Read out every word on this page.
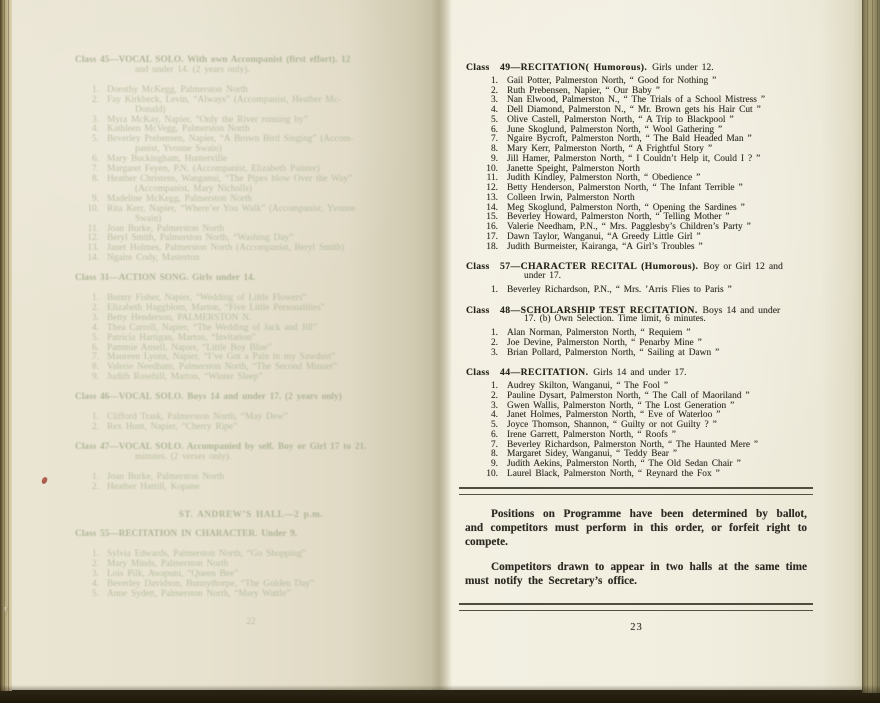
Class 45—VOCAL SOLO. With own Accompanist (first effort). 12
and under 14. (2 years only).
1. Dorothy McKegg, Palmerston North
2. Fay Kirkbeck, Levin, “Always” (Accompanist, Heather Mc-
Donald)
3. Myra McKay, Napier, “Only the River running by”
4. Kathleen McVegg, Palmerston North
5. Beverley Prebensen, Napier, “A Brown Bird Singing” (Accom-
panist, Yvonne Swain)
6. Mary Buckingham, Hunterville
7. Margaret Feyen, P.N. (Accompanist, Elizabeth Painter)
8. Heather Christens, Wanganui, “The Pipes blow Over the Way”
(Accompanist, Mary Nicholls)
9. Madeline McKegg, Palmerston North
10. Rita Kerr, Napier, “Where’er You Walk” (Accompanist, Yvonne
Swain)
11. Joan Burke, Palmerston North
12. Beryl Smith, Palmerston North, “Washing Day”
13. Janet Holmes, Palmerston North (Accompanist, Beryl Smith)
14. Ngaire Cody, Masterton
Class 31—ACTION SONG. Girls under 14.
1. Bunny Fisher, Napier, “Wedding of Little Flowers”
2. Elizabeth Haggblom, Marton, “Five Little Personalities”
3. Betty Henderson, PALMERSTON N.
4. Thea Carroll, Napier, “The Wedding of Jack and Jill”
5. Patricia Hartigan, Marton, “Invitation”
6. Pammie Ansell, Napier, “Little Boy Blue”
7. Maureen Lyons, Napier, “I’ve Got a Pain in my Sawdust”
8. Valerie Needham, Palmerston North, “The Second Minuet”
9. Judith Rosehill, Marton, “Winter Sleep”
Class 46—VOCAL SOLO. Boys 14 and under 17. (2 years only)
1. Clifford Trask, Palmerston North, “May Dew”
2. Rex Hunt, Napier, “Cherry Ripe”
Class 47—VOCAL SOLO. Accompanied by self. Boy or Girl 17 to 21.
minutes. (2 verses only).
1. Joan Burke, Palmerston North
2. Heather Hartill, Kopane
ST. ANDREW’S HALL—2 p.m.
Class 55—RECITATION IN CHARACTER. Under 9.
1. Sylvia Edwards, Palmerston North, “Go Shopping”
2. Mary Minds, Palmerston North
3. Lois Pilk, Awapuni, “Queen Bee”
4. Beverley Davidson, Bunnythorpe, “The Golden Day”
5. Anne Sydett, Palmerston North, “Mary Wattle”
22
Class 49—RECITATION( Humorous). Girls under 12.
1. Gail Potter, Palmerston North, “ Good for Nothing ”
2. Ruth Prebensen, Napier, “ Our Baby ”
3. Nan Elwood, Palmerston N., “ The Trials of a School Mistress ”
4. Dell Diamond, Palmerston N., “ Mr. Brown gets his Hair Cut ”
5. Olive Castell, Palmerston North, “ A Trip to Blackpool ”
6. June Skoglund, Palmerston North, “ Wool Gathering ”
7. Ngaire Bycroft, Palmerston North, “ The Bald Headed Man ”
8. Mary Kerr, Palmerston North, “ A Frightful Story ”
9. Jill Hamer, Palmerston North, “ I Couldn’t Help it, Could I ? ”
10. Janette Speight, Palmerston North
11. Judith Kindley, Palmerston North, “ Obedience ”
12. Betty Henderson, Palmerston North, “ The Infant Terrible ”
13. Colleen Irwin, Palmerston North
14. Meg Skoglund, Palmerston North, “ Opening the Sardines ”
15. Beverley Howard, Palmerston North, “ Telling Mother ”
16. Valerie Needham, P.N., “ Mrs. Pagglesby’s Children’s Party ”
17. Dawn Taylor, Wanganui, “A Greedy Little Girl ”
18. Judith Burmeister, Kairanga, “A Girl’s Troubles ”
Class 57—CHARACTER RECITAL (Humorous). Boy or Girl 12 and
under 17.
1. Beverley Richardson, P.N., “ Mrs. ’Arris Flies to Paris ”
Class 48—SCHOLARSHIP TEST RECITATION. Boys 14 and under
17. (b) Own Selection. Time limit, 6 minutes.
1. Alan Norman, Palmerston North, “ Requiem ”
2. Joe Devine, Palmerston North, “ Penarby Mine ”
3. Brian Pollard, Palmerston North, “ Sailing at Dawn ”
Class 44—RECITATION. Girls 14 and under 17.
1. Audrey Skilton, Wanganui, “ The Fool ”
2. Pauline Dysart, Palmerston North, “ The Call of Maoriland ”
3. Gwen Wallis, Palmerston North, “ The Lost Generation ”
4. Janet Holmes, Palmerston North, “ Eve of Waterloo ”
5. Joyce Thomson, Shannon, “ Guilty or not Guilty ? ”
6. Irene Garrett, Palmerston North, “ Roofs ”
7. Beverley Richardson, Palmerston North, “ The Haunted Mere ”
8. Margaret Sidey, Wanganui, “ Teddy Bear ”
9. Judith Aekins, Palmerston North, “ The Old Sedan Chair ”
10. Laurel Black, Palmerston North, “ Reynard the Fox ”

Positions on Programme have been determined by ballot, and competitors must perform in this order, or forfeit right to compete.

Competitors drawn to appear in two halls at the same time must notify the Secretary’s office.

23
